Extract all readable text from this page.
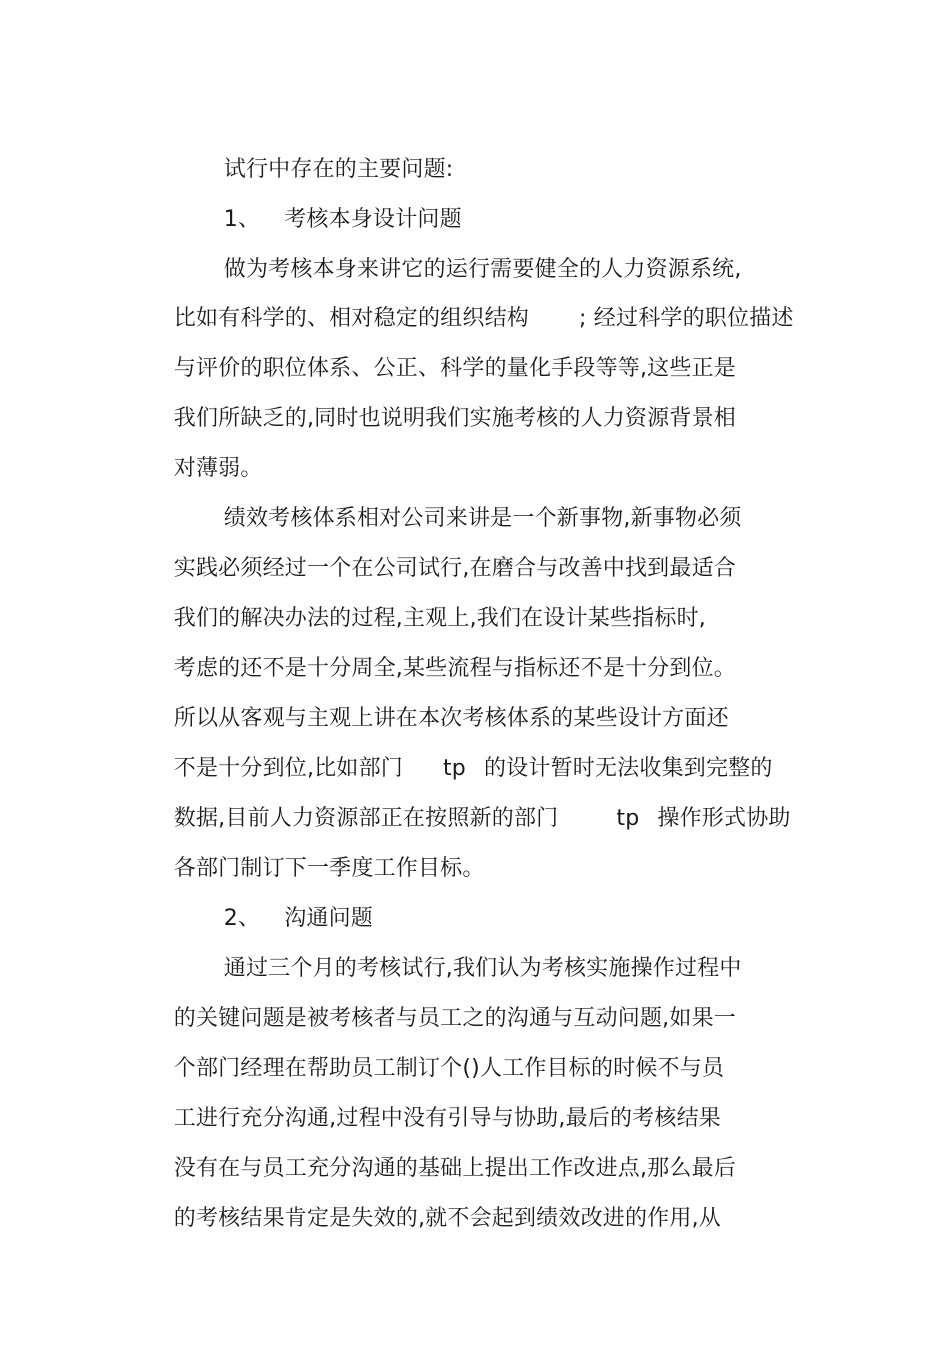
试行中存在的主要问题:

1、 考核本身设计问题

做为考核本身来讲它的运行需要健全的人力资源系统,

比如有科学的、相对稳定的组织结构 ; 经过科学的职位描述

与评价的职位体系、公正、科学的量化手段等等,这些正是

我们所缺乏的,同时也说明我们实施考核的人力资源背景相

对薄弱。

绩效考核体系相对公司来讲是一个新事物,新事物必须

实践必须经过一个在公司试行,在磨合与改善中找到最适合

我们的解决办法的过程,主观上,我们在设计某些指标时,

考虑的还不是十分周全,某些流程与指标还不是十分到位。

所以从客观与主观上讲在本次考核体系的某些设计方面还

不是十分到位,比如部门 tp 的设计暂时无法收集到完整的

数据,目前人力资源部正在按照新的部门	tp 操作形式协助

各部门制订下一季度工作目标。

2、 沟通问题

通过三个月的考核试行,我们认为考核实施操作过程中

的关键问题是被考核者与员工之的沟通与互动问题,如果一

个部门经理在帮助员工制订个()人工作目标的时候不与员

工进行充分沟通,过程中没有引导与协助,最后的考核结果

没有在与员工充分沟通的基础上提出工作改进点,那么最后

的考核结果肯定是失效的,就不会起到绩效改进的作用,从
